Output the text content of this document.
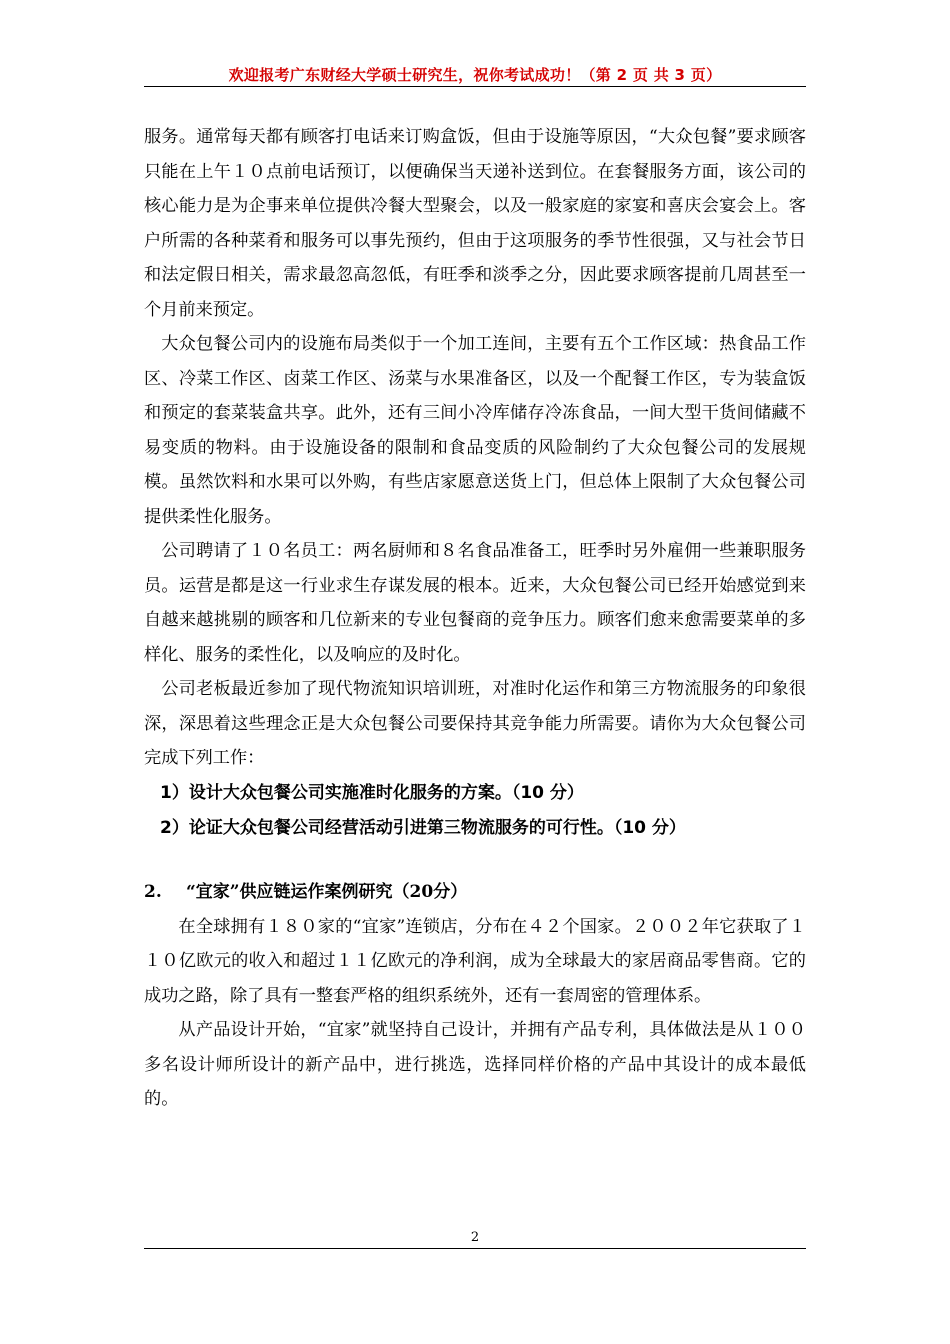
欢迎报考广东财经大学硕士研究生，祝你考试成功！（第 2 页 共 3 页）

服务。通常每天都有顾客打电话来订购盒饭，但由于设施等原因，“大众包餐”要求顾客只能在上午１０点前电话预订，以便确保当天递补送到位。在套餐服务方面，该公司的核心能力是为企事来单位提供冷餐大型聚会，以及一般家庭的家宴和喜庆会宴会上。客户所需的各种菜肴和服务可以事先预约，但由于这项服务的季节性很强，又与社会节日和法定假日相关，需求最忽高忽低，有旺季和淡季之分，因此要求顾客提前几周甚至一个月前来预定。

大众包餐公司内的设施布局类似于一个加工连间，主要有五个工作区域：热食品工作区、冷菜工作区、卤菜工作区、汤菜与水果准备区，以及一个配餐工作区，专为装盒饭和预定的套菜装盒共享。此外，还有三间小冷库储存冷冻食品，一间大型干货间储藏不易变质的物料。由于设施设备的限制和食品变质的风险制约了大众包餐公司的发展规模。虽然饮料和水果可以外购，有些店家愿意送货上门，但总体上限制了大众包餐公司提供柔性化服务。

公司聘请了１０名员工：两名厨师和８名食品准备工，旺季时另外雇佣一些兼职服务员。运营是都是这一行业求生存谋发展的根本。近来，大众包餐公司已经开始感觉到来自越来越挑剔的顾客和几位新来的专业包餐商的竞争压力。顾客们愈来愈需要菜单的多样化、服务的柔性化，以及响应的及时化。

公司老板最近参加了现代物流知识培训班，对准时化运作和第三方物流服务的印象很深，深思着这些理念正是大众包餐公司要保持其竞争能力所需要。请你为大众包餐公司完成下列工作：

1）设计大众包餐公司实施准时化服务的方案。（10 分）

2）论证大众包餐公司经营活动引进第三物流服务的可行性。（10 分）

2. “宜家”供应链运作案例研究（20分）

在全球拥有１８０家的“宜家”连锁店，分布在４２个国家。２００２年它获取了１１０亿欧元的收入和超过１１亿欧元的净利润，成为全球最大的家居商品零售商。它的成功之路，除了具有一整套严格的组织系统外，还有一套周密的管理体系。

从产品设计开始，“宜家”就坚持自己设计，并拥有产品专利，具体做法是从１００多名设计师所设计的新产品中，进行挑选，选择同样价格的产品中其设计的成本最低的。

2
